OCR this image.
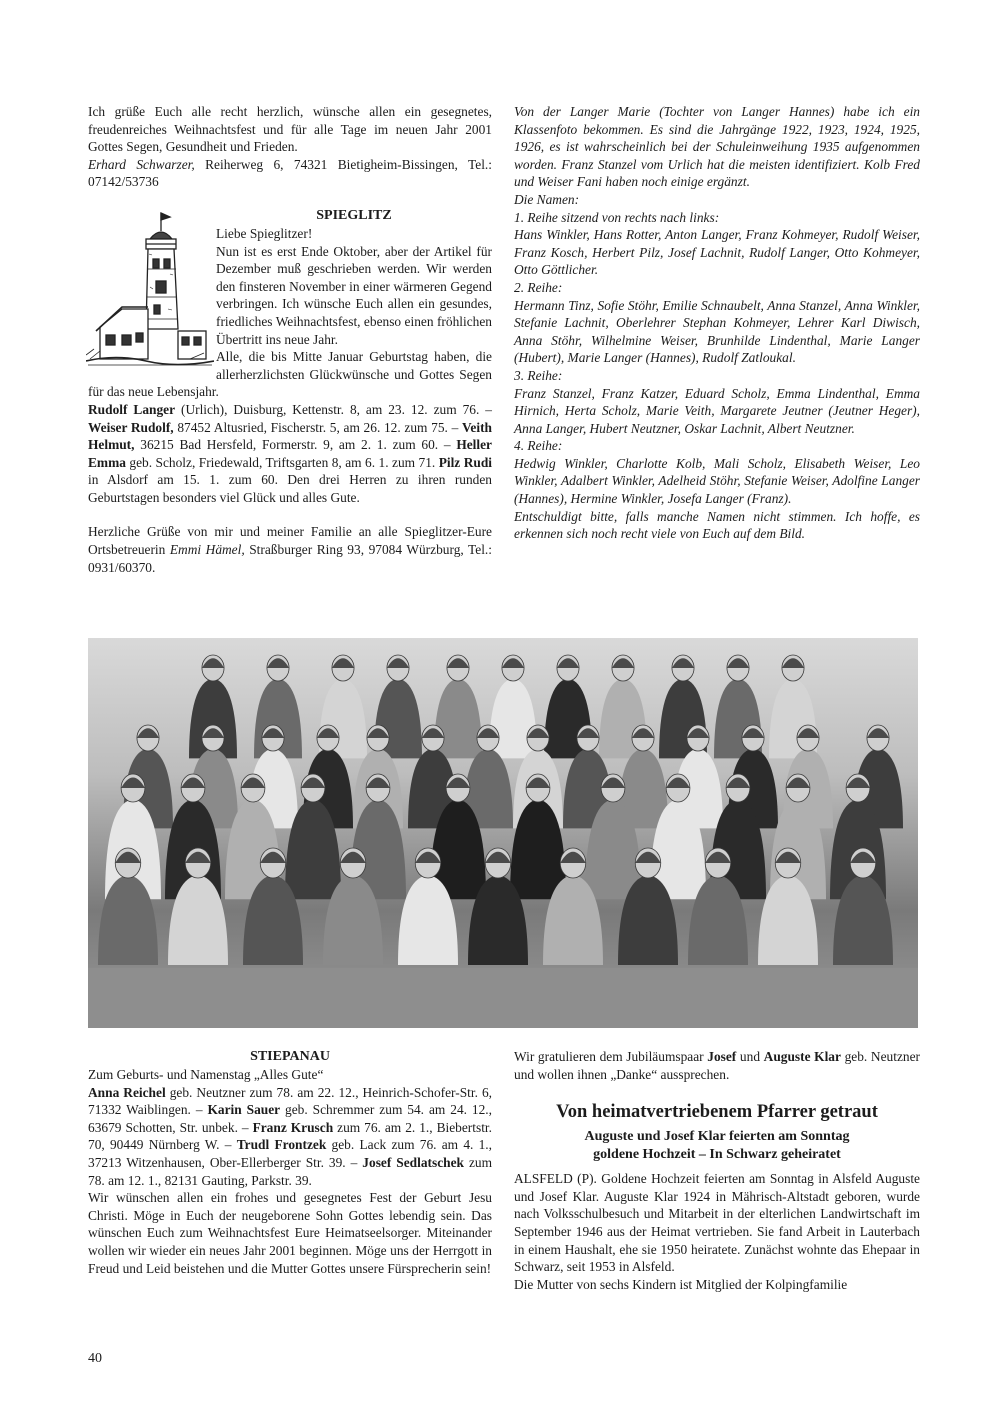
Ich grüße Euch alle recht herzlich, wünsche allen ein gesegnetes, freudenreiches Weihnachtsfest und für alle Tage im neuen Jahr 2001 Gottes Segen, Gesundheit und Frieden.

Erhard Schwarzer, Reiherweg 6, 74321 Bietigheim-Bissingen, Tel.: 07142/53736

SPIEGLITZ

Liebe Spieglitzer!

Nun ist es erst Ende Oktober, aber der Artikel für Dezember muß geschrieben werden. Wir werden den finsteren November in einer wärmeren Gegend verbringen. Ich wünsche Euch allen ein gesundes, friedliches Weihnachtsfest, ebenso einen fröhlichen Übertritt ins neue Jahr.

Alle, die bis Mitte Januar Geburtstag haben, die allerherzlichsten Glückwünsche und Gottes Segen für das neue Lebensjahr.

Rudolf Langer (Urlich), Duisburg, Kettenstr. 8, am 23. 12. zum 76. – Weiser Rudolf, 87452 Altusried, Fischerstr. 5, am 26. 12. zum 75. – Veith Helmut, 36215 Bad Hersfeld, Formerstr. 9, am 2. 1. zum 60. – Heller Emma geb. Scholz, Friedewald, Triftsgarten 8, am 6. 1. zum 71. Pilz Rudi in Alsdorf am 15. 1. zum 60. Den drei Herren zu ihren runden Geburtstagen besonders viel Glück und alles Gute.

Herzliche Grüße von mir und meiner Familie an alle Spieglitzer-Eure Ortsbetreuerin Emmi Hämel, Straßburger Ring 93, 97084 Würzburg, Tel.: 0931/60370.

Von der Langer Marie (Tochter von Langer Hannes) habe ich ein Klassenfoto bekommen. Es sind die Jahrgänge 1922, 1923, 1924, 1925, 1926, es ist wahrscheinlich bei der Schuleinweihung 1935 aufgenommen worden. Franz Stanzel vom Urlich hat die meisten identifiziert. Kolb Fred und Weiser Fani haben noch einige ergänzt.

Die Namen:

1. Reihe sitzend von rechts nach links:

Hans Winkler, Hans Rotter, Anton Langer, Franz Kohmeyer, Rudolf Weiser, Franz Kosch, Herbert Pilz, Josef Lachnit, Rudolf Langer, Otto Kohmeyer, Otto Göttlicher.

2. Reihe:

Hermann Tinz, Sofie Stöhr, Emilie Schnaubelt, Anna Stanzel, Anna Winkler, Stefanie Lachnit, Oberlehrer Stephan Kohmeyer, Lehrer Karl Diwisch, Anna Stöhr, Wilhelmine Weiser, Brunhilde Lindenthal, Marie Langer (Hubert), Marie Langer (Hannes), Rudolf Zatloukal.

3. Reihe:

Franz Stanzel, Franz Katzer, Eduard Scholz, Emma Lindenthal, Emma Hirnich, Herta Scholz, Marie Veith, Margarete Jeutner (Jeutner Heger), Anna Langer, Hubert Neutzner, Oskar Lachnit, Albert Neutzner.

4. Reihe:

Hedwig Winkler, Charlotte Kolb, Mali Scholz, Elisabeth Weiser, Leo Winkler, Adalbert Winkler, Adelheid Stöhr, Stefanie Weiser, Adolfine Langer (Hannes), Hermine Winkler, Josefa Langer (Franz).

Entschuldigt bitte, falls manche Namen nicht stimmen. Ich hoffe, es erkennen sich noch recht viele von Euch auf dem Bild.

STIEPANAU

Zum Geburts- und Namenstag „Alles Gute“

Anna Reichel geb. Neutzner zum 78. am 22. 12., Heinrich-Schofer-Str. 6, 71332 Waiblingen. – Karin Sauer geb. Schremmer zum 54. am 24. 12., 63679 Schotten, Str. unbek. – Franz Krusch zum 76. am 2. 1., Biebertstr. 70, 90449 Nürnberg W. – Trudl Frontzek geb. Lack zum 76. am 4. 1., 37213 Witzenhausen, Ober-Ellerberger Str. 39. – Josef Sedlatschek zum 78. am 12. 1., 82131 Gauting, Parkstr. 39.

Wir wünschen allen ein frohes und gesegnetes Fest der Geburt Jesu Christi. Möge in Euch der neugeborene Sohn Gottes lebendig sein. Das wünschen Euch zum Weihnachtsfest Eure Heimatseelsorger. Miteinander wollen wir wieder ein neues Jahr 2001 beginnen. Möge uns der Herrgott in Freud und Leid beistehen und die Mutter Gottes unsere Fürsprecherin sein!

Wir gratulieren dem Jubiläumspaar Josef und Auguste Klar geb. Neutzner und wollen ihnen „Danke“ aussprechen.

Von heimatvertriebenem Pfarrer getraut

Auguste und Josef Klar feierten am Sonntag

goldene Hochzeit – In Schwarz geheiratet

ALSFELD (P). Goldene Hochzeit feierten am Sonntag in Alsfeld Auguste und Josef Klar. Auguste Klar 1924 in Mährisch-Altstadt geboren, wurde nach Volksschulbesuch und Mitarbeit in der elterlichen Landwirtschaft im September 1946 aus der Heimat vertrieben. Sie fand Arbeit in Lauterbach in einem Haushalt, ehe sie 1950 heiratete. Zunächst wohnte das Ehepaar in Schwarz, seit 1953 in Alsfeld.

Die Mutter von sechs Kindern ist Mitglied der Kolpingfamilie

40
